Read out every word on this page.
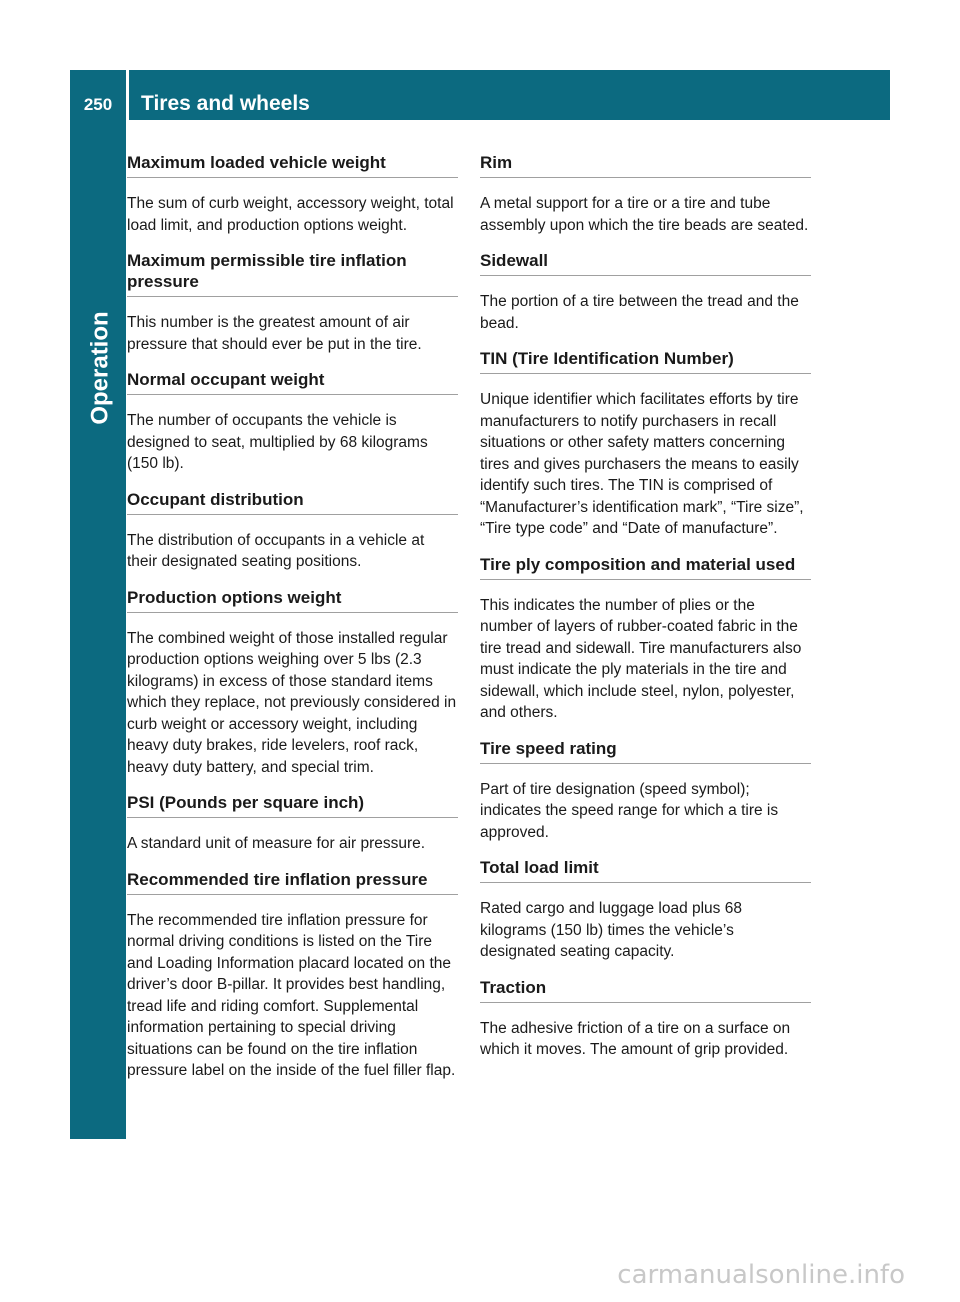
250	Tires and wheels
Operation
Maximum loaded vehicle weight

The sum of curb weight, accessory weight, total load limit, and production options weight.

Maximum permissible tire inflation pressure

This number is the greatest amount of air pressure that should ever be put in the tire.

Normal occupant weight

The number of occupants the vehicle is designed to seat, multiplied by 68 kilograms (150 lb).

Occupant distribution

The distribution of occupants in a vehicle at their designated seating positions.

Production options weight

The combined weight of those installed regular production options weighing over 5 lbs (2.3 kilograms) in excess of those standard items which they replace, not previously considered in curb weight or accessory weight, including heavy duty brakes, ride levelers, roof rack, heavy duty battery, and special trim.

PSI (Pounds per square inch)

A standard unit of measure for air pressure.

Recommended tire inflation pressure

The recommended tire inflation pressure for normal driving conditions is listed on the Tire and Loading Information placard located on the driver’s door B-pillar. It provides best handling, tread life and riding comfort. Supplemental information pertaining to special driving situations can be found on the tire inflation pressure label on the inside of the fuel filler flap.

Rim

A metal support for a tire or a tire and tube assembly upon which the tire beads are seated.

Sidewall

The portion of a tire between the tread and the bead.

TIN (Tire Identification Number)

Unique identifier which facilitates efforts by tire manufacturers to notify purchasers in recall situations or other safety matters concerning tires and gives purchasers the means to easily identify such tires. The TIN is comprised of “Manufacturer’s identification mark”, “Tire size”, “Tire type code” and “Date of manufacture”.

Tire ply composition and material used

This indicates the number of plies or the number of layers of rubber-coated fabric in the tire tread and sidewall. Tire manufacturers also must indicate the ply materials in the tire and sidewall, which include steel, nylon, polyester, and others.

Tire speed rating

Part of tire designation (speed symbol); indicates the speed range for which a tire is approved.

Total load limit

Rated cargo and luggage load plus 68 kilograms (150 lb) times the vehicle’s designated seating capacity.

Traction

The adhesive friction of a tire on a surface on which it moves. The amount of grip provided.

carmanualsonline.info
